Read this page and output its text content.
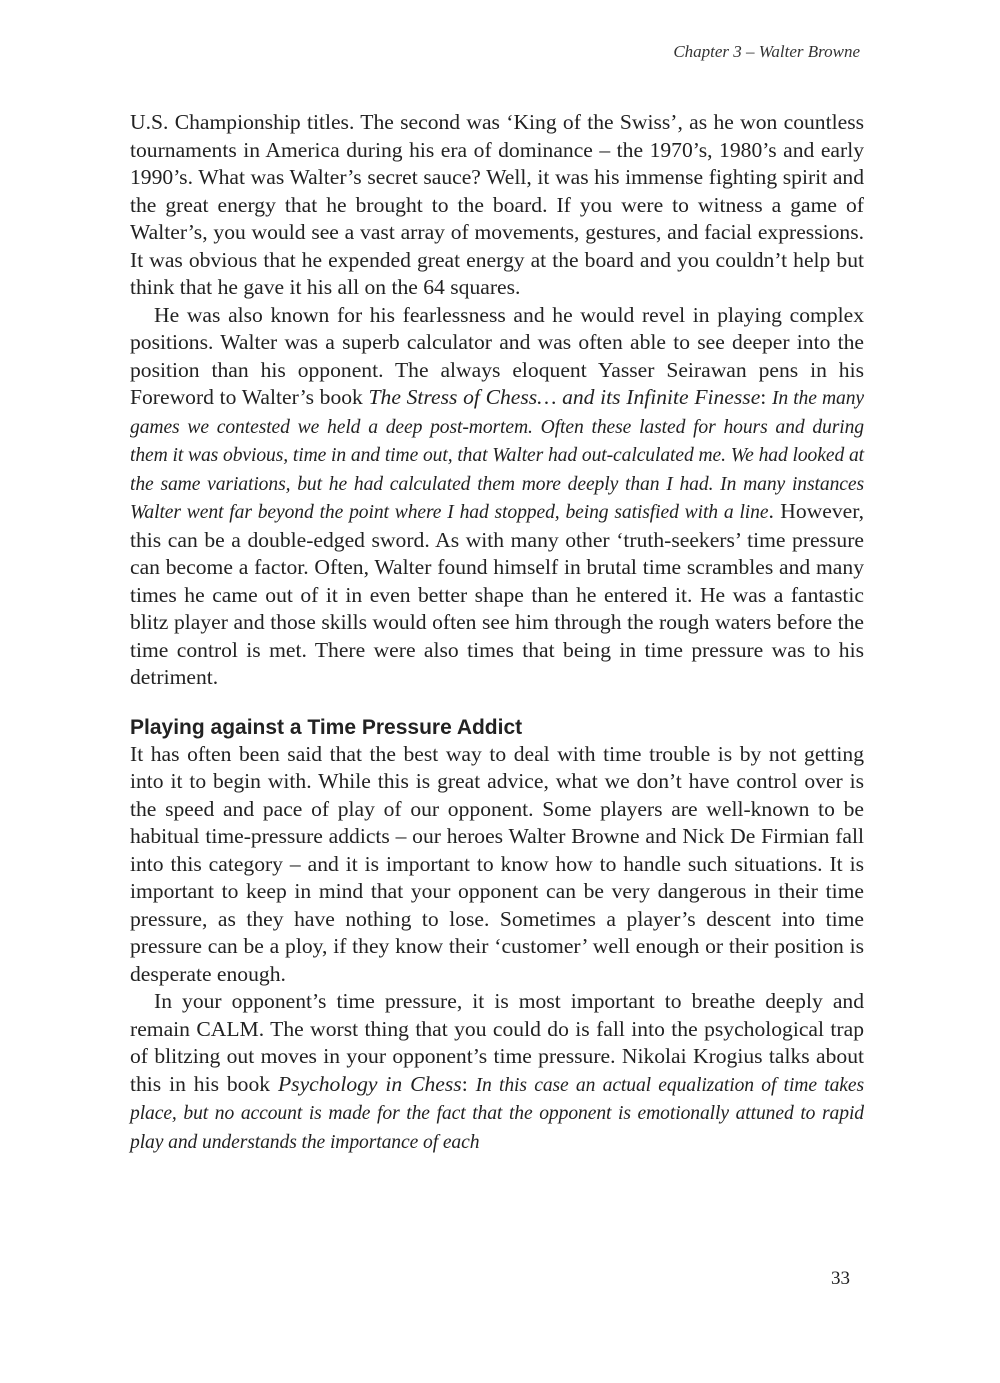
Chapter 3 – Walter Browne

U.S. Championship titles. The second was ‘King of the Swiss’, as he won countless tournaments in America during his era of dominance – the 1970’s, 1980’s and early 1990’s. What was Walter’s secret sauce? Well, it was his immense fighting spirit and the great energy that he brought to the board. If you were to witness a game of Walter’s, you would see a vast array of movements, gestures, and facial expressions. It was obvious that he expended great energy at the board and you couldn’t help but think that he gave it his all on the 64 squares.

He was also known for his fearlessness and he would revel in playing complex positions. Walter was a superb calculator and was often able to see deeper into the position than his opponent. The always eloquent Yasser Seirawan pens in his Foreword to Walter’s book The Stress of Chess… and its Infinite Finesse: In the many games we contested we held a deep post-mortem. Often these lasted for hours and during them it was obvious, time in and time out, that Walter had out-calculated me. We had looked at the same variations, but he had calculated them more deeply than I had. In many instances Walter went far beyond the point where I had stopped, being satisfied with a line. However, this can be a double-edged sword. As with many other ‘truth-seekers’ time pressure can become a factor. Often, Walter found himself in brutal time scrambles and many times he came out of it in even better shape than he entered it. He was a fantastic blitz player and those skills would often see him through the rough waters before the time control is met. There were also times that being in time pressure was to his detriment.

Playing against a Time Pressure Addict

It has often been said that the best way to deal with time trouble is by not getting into it to begin with. While this is great advice, what we don’t have control over is the speed and pace of play of our opponent. Some players are well-known to be habitual time-pressure addicts – our heroes Walter Browne and Nick De Firmian fall into this category – and it is important to know how to handle such situations. It is important to keep in mind that your opponent can be very dangerous in their time pressure, as they have nothing to lose. Sometimes a player’s descent into time pressure can be a ploy, if they know their ‘customer’ well enough or their position is desperate enough.

In your opponent’s time pressure, it is most important to breathe deeply and remain CALM. The worst thing that you could do is fall into the psychological trap of blitzing out moves in your opponent’s time pressure. Nikolai Krogius talks about this in his book Psychology in Chess: In this case an actual equalization of time takes place, but no account is made for the fact that the opponent is emotionally attuned to rapid play and understands the importance of each

33
